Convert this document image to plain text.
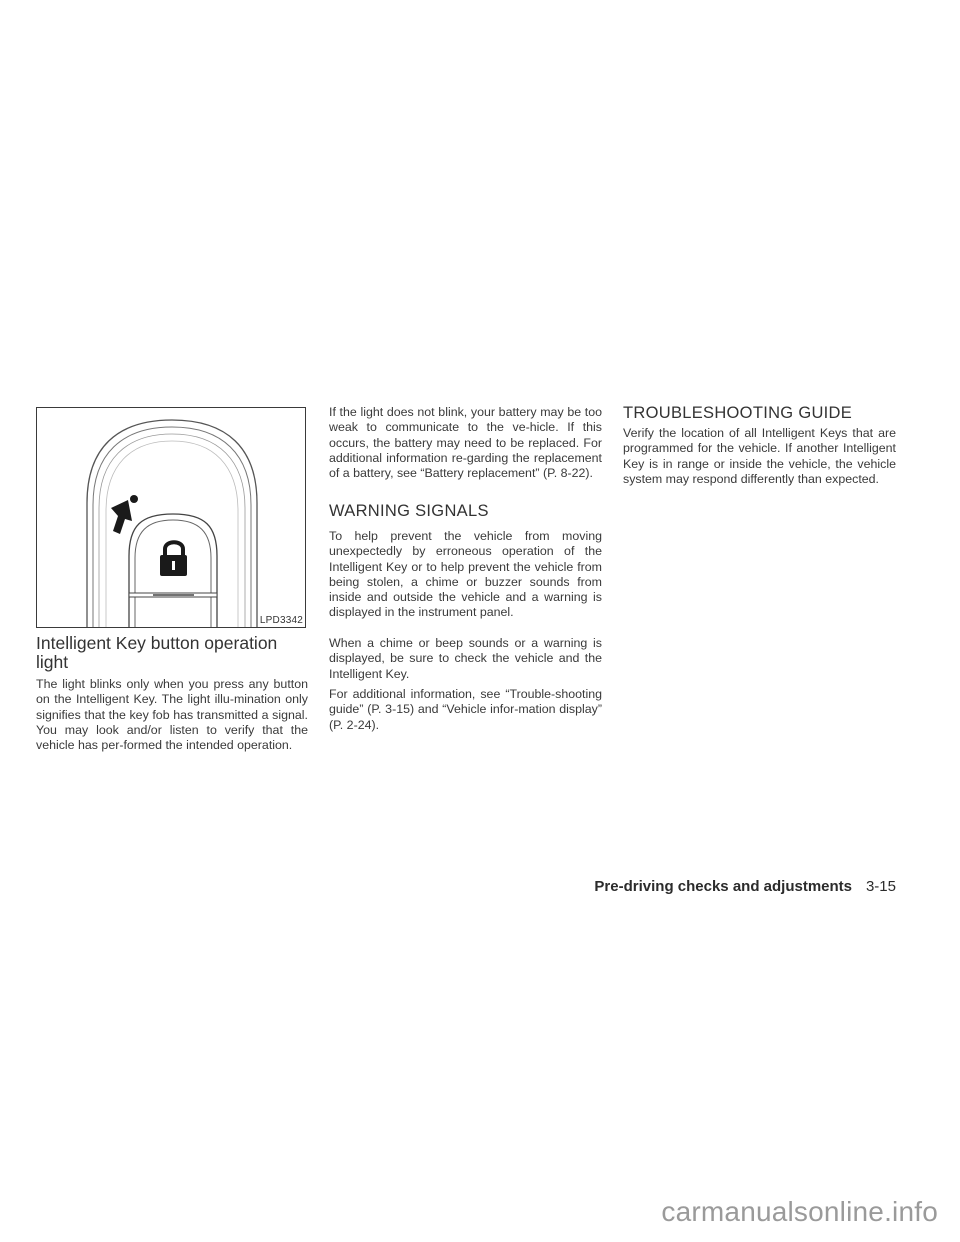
LPD3342
Intelligent Key button operation light

The light blinks only when you press any button on the Intelligent Key. The light illu-mination only signifies that the key fob has transmitted a signal. You may look and/or listen to verify that the vehicle has per-formed the intended operation.

If the light does not blink, your battery may be too weak to communicate to the ve-hicle. If this occurs, the battery may need to be replaced. For additional information re-garding the replacement of a battery, see “Battery replacement” (P. 8-22).

WARNING SIGNALS

To help prevent the vehicle from moving unexpectedly by erroneous operation of the Intelligent Key or to help prevent the vehicle from being stolen, a chime or buzzer sounds from inside and outside the vehicle and a warning is displayed in the instrument panel.

When a chime or beep sounds or a warning is displayed, be sure to check the vehicle and the Intelligent Key.

For additional information, see “Trouble-shooting guide” (P. 3-15) and “Vehicle infor-mation display” (P. 2-24).

TROUBLESHOOTING GUIDE

Verify the location of all Intelligent Keys that are programmed for the vehicle. If another Intelligent Key is in range or inside the vehicle, the vehicle system may respond differently than expected.

Pre-driving checks and adjustments 3-15
carmanualsonline.info
